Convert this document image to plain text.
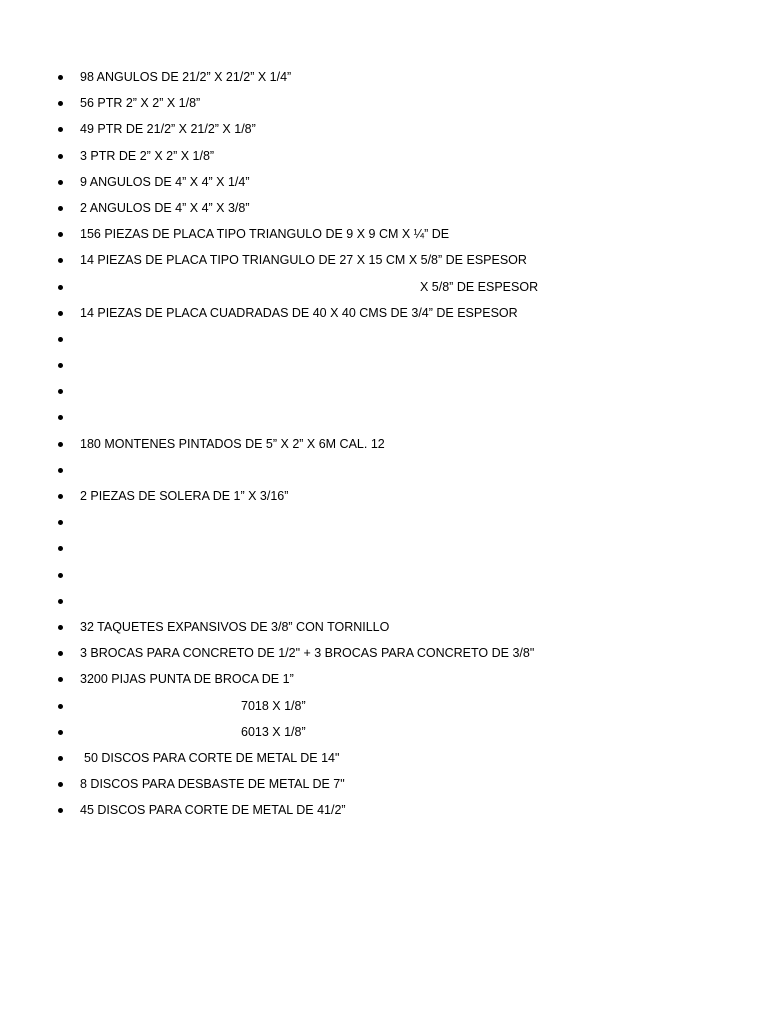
98 ANGULOS DE 21/2” X 21/2” X 1/4”
56 PTR 2” X 2” X 1/8”
49 PTR DE 21/2” X 21/2” X 1/8”
3 PTR DE 2” X 2” X 1/8”
9 ANGULOS DE 4” X 4” X 1/4”
2 ANGULOS DE 4” X 4” X 3/8”
156 PIEZAS DE PLACA TIPO TRIANGULO DE 9 X 9 CM X ¼” DE
14 PIEZAS DE PLACA TIPO TRIANGULO DE 27 X 15 CM X 5/8” DE ESPESOR
X 5/8” DE ESPESOR
14 PIEZAS DE PLACA CUADRADAS DE 40 X 40 CMS DE 3/4” DE ESPESOR
180 MONTENES PINTADOS DE 5” X 2” X 6M CAL. 12
2 PIEZAS DE SOLERA DE 1” X 3/16”
32 TAQUETES EXPANSIVOS DE 3/8” CON TORNILLO
3 BROCAS PARA CONCRETO DE 1/2" + 3 BROCAS PARA CONCRETO DE 3/8"
3200 PIJAS PUNTA DE BROCA DE 1”
7018 X 1/8”
6013 X 1/8”
50 DISCOS PARA CORTE DE METAL DE 14"
8 DISCOS PARA DESBASTE DE METAL DE 7"
45 DISCOS PARA CORTE DE METAL DE 41/2”
